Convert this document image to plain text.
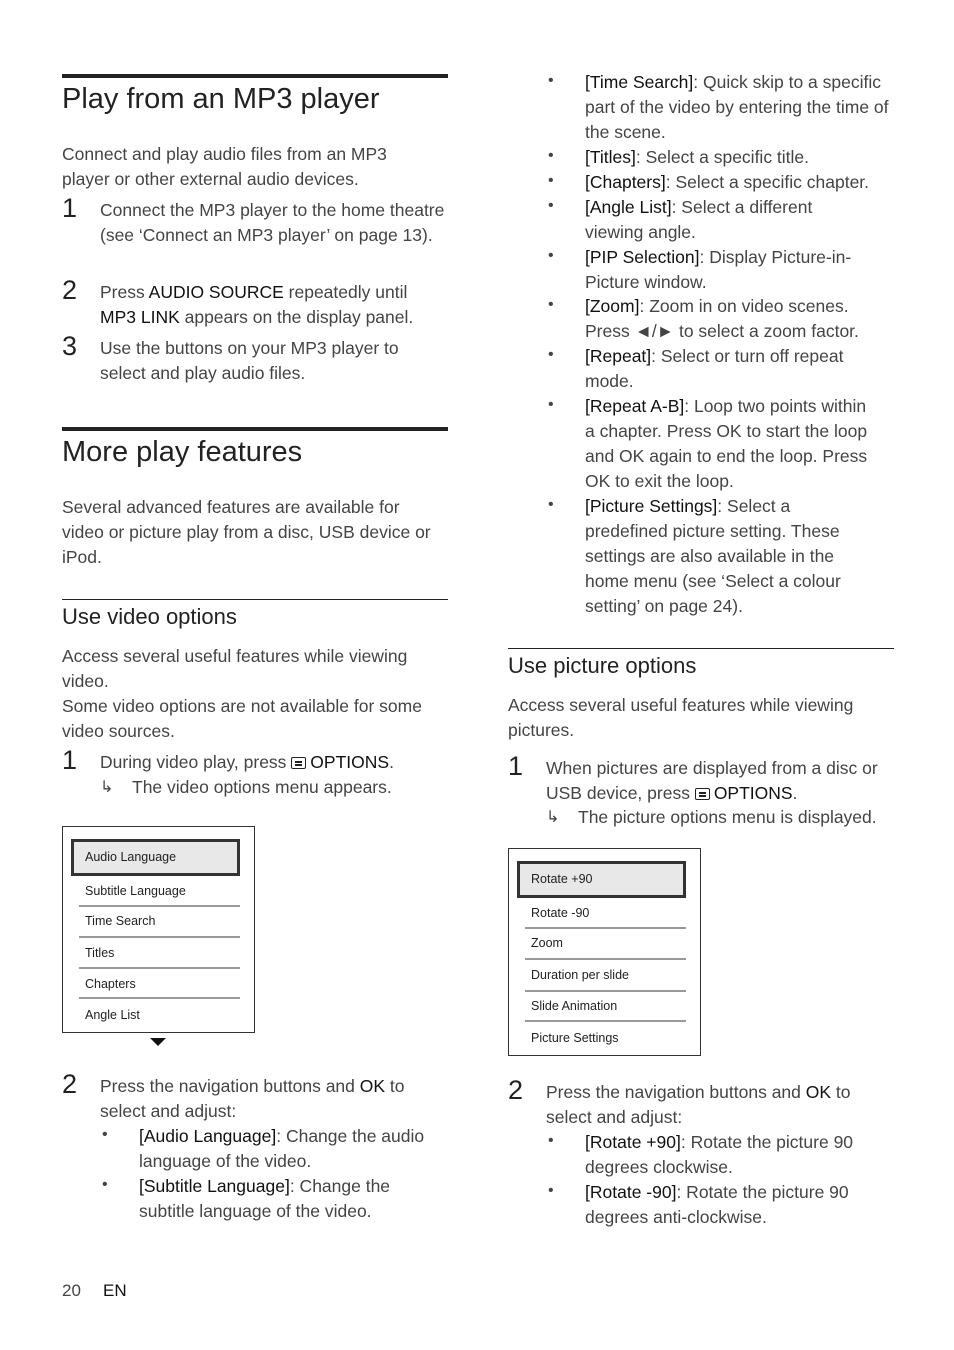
Play from an MP3 player
Connect and play audio files from an MP3 player or other external audio devices.
1 Connect the MP3 player to the home theatre (see ‘Connect an MP3 player’ on page 13).
2 Press AUDIO SOURCE repeatedly until MP3 LINK appears on the display panel.
3 Use the buttons on your MP3 player to select and play audio files.
More play features
Several advanced features are available for video or picture play from a disc, USB device or iPod.
Use video options
Access several useful features while viewing video.
Some video options are not available for some video sources.
1 During video play, press OPTIONS.
↳ The video options menu appears.
Audio Language
Subtitle Language
Time Search
Titles
Chapters
Angle List
2 Press the navigation buttons and OK to select and adjust:
• [Audio Language]: Change the audio language of the video.
• [Subtitle Language]: Change the subtitle language of the video.
• [Time Search]: Quick skip to a specific part of the video by entering the time of the scene.
• [Titles]: Select a specific title.
• [Chapters]: Select a specific chapter.
• [Angle List]: Select a different viewing angle.
• [PIP Selection]: Display Picture-in-Picture window.
• [Zoom]: Zoom in on video scenes. Press ◄/► to select a zoom factor.
• [Repeat]: Select or turn off repeat mode.
• [Repeat A-B]: Loop two points within a chapter. Press OK to start the loop and OK again to end the loop. Press OK to exit the loop.
• [Picture Settings]: Select a predefined picture setting. These settings are also available in the home menu (see ‘Select a colour setting’ on page 24).
Use picture options
Access several useful features while viewing pictures.
1 When pictures are displayed from a disc or USB device, press OPTIONS.
↳ The picture options menu is displayed.
Rotate +90
Rotate -90
Zoom
Duration per slide
Slide Animation
Picture Settings
2 Press the navigation buttons and OK to select and adjust:
• [Rotate +90]: Rotate the picture 90 degrees clockwise.
• [Rotate -90]: Rotate the picture 90 degrees anti-clockwise.
20 EN
